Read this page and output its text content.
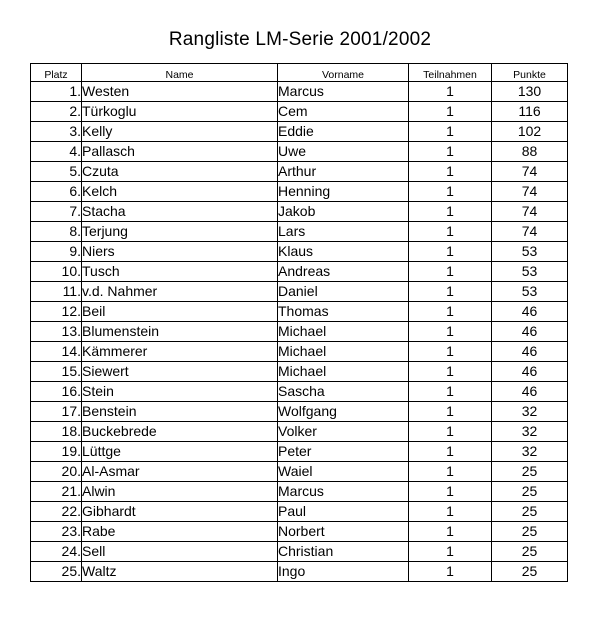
Rangliste LM-Serie 2001/2002
Platz	Name	Vorname	Teilnahmen	Punkte
1.	Westen	Marcus	1	130
2.	Türkoglu	Cem	1	116
3.	Kelly	Eddie	1	102
4.	Pallasch	Uwe	1	88
5.	Czuta	Arthur	1	74
6.	Kelch	Henning	1	74
7.	Stacha	Jakob	1	74
8.	Terjung	Lars	1	74
9.	Niers	Klaus	1	53
10.	Tusch	Andreas	1	53
11.	v.d. Nahmer	Daniel	1	53
12.	Beil	Thomas	1	46
13.	Blumenstein	Michael	1	46
14.	Kämmerer	Michael	1	46
15.	Siewert	Michael	1	46
16.	Stein	Sascha	1	46
17.	Benstein	Wolfgang	1	32
18.	Buckebrede	Volker	1	32
19.	Lüttge	Peter	1	32
20.	Al-Asmar	Waiel	1	25
21.	Alwin	Marcus	1	25
22.	Gibhardt	Paul	1	25
23.	Rabe	Norbert	1	25
24.	Sell	Christian	1	25
25.	Waltz	Ingo	1	25
